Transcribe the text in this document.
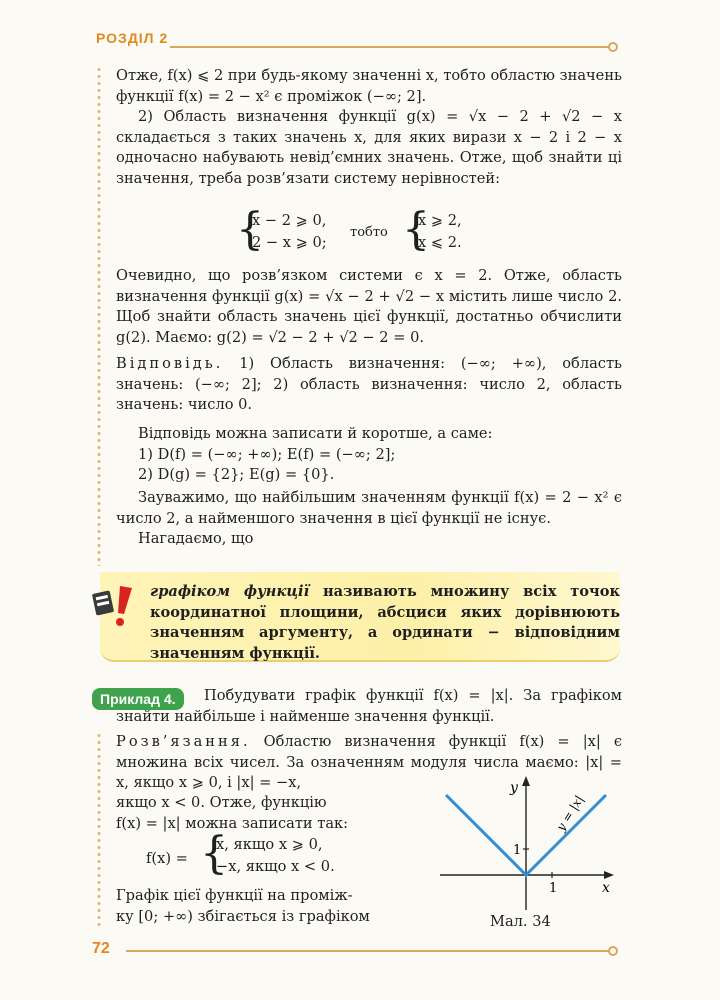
РОЗДІЛ 2

Отже, f(x) ⩽ 2 при будь-якому значенні x, тобто областю значень функції f(x) = 2 − x² є проміжок (−∞; 2].

2) Область визначення функції g(x) = √x − 2 + √2 − x складається з таких значень x, для яких вирази x − 2 і 2 − x одночасно набувають невід’ємних значень. Отже, щоб знайти ці значення, треба розв’язати систему нерівностей:

{
x − 2 ⩾ 0,
2 − x ⩾ 0;
тобто {
x ⩾ 2,
x ⩽ 2.

Очевидно, що розв’язком системи є x = 2. Отже, область визначення функції g(x) = √x − 2 + √2 − x містить лише число 2. Щоб знайти область значень цієї функції, достатньо обчислити g(2). Маємо: g(2) = √2 − 2 + √2 − 2 = 0.

Відповідь. 1) Область визначення: (−∞; +∞), область значень: (−∞; 2]; 2) область визначення: число 2, область значень: число 0.

Відповідь можна записати й коротше, а саме:

1) D(f) = (−∞; +∞); E(f) = (−∞; 2];

2) D(g) = {2}; E(g) = {0}.

Зауважимо, що найбільшим значенням функції f(x) = 2 − x² є число 2, а найменшого значення в цієї функції не існує.

Нагадаємо, що

графіком функції називають множину всіх точок координатної площини, абсциси яких дорівнюють значенням аргументу, а ординати − відповідним значенням функції.
Приклад 4.	Побудувати графік функції f(x) = |x|. За графіком знайти найбільше і найменше значення функції.

Розв’язання. Областю визначення функції f(x) = |x| є множина всіх чисел. За означенням модуля числа маємо: |x| = x, якщо x ⩾ 0, і |x| = −x,

якщо x < 0. Отже, функцію

f(x) = |x| можна записати так:

f(x) = {
x, якщо x ⩾ 0,
−x, якщо x < 0.

Графік цієї функції на проміж-

ку [0; +∞) збігається із графіком

x
y
1
1
y = |x|
Мал. 34
72
